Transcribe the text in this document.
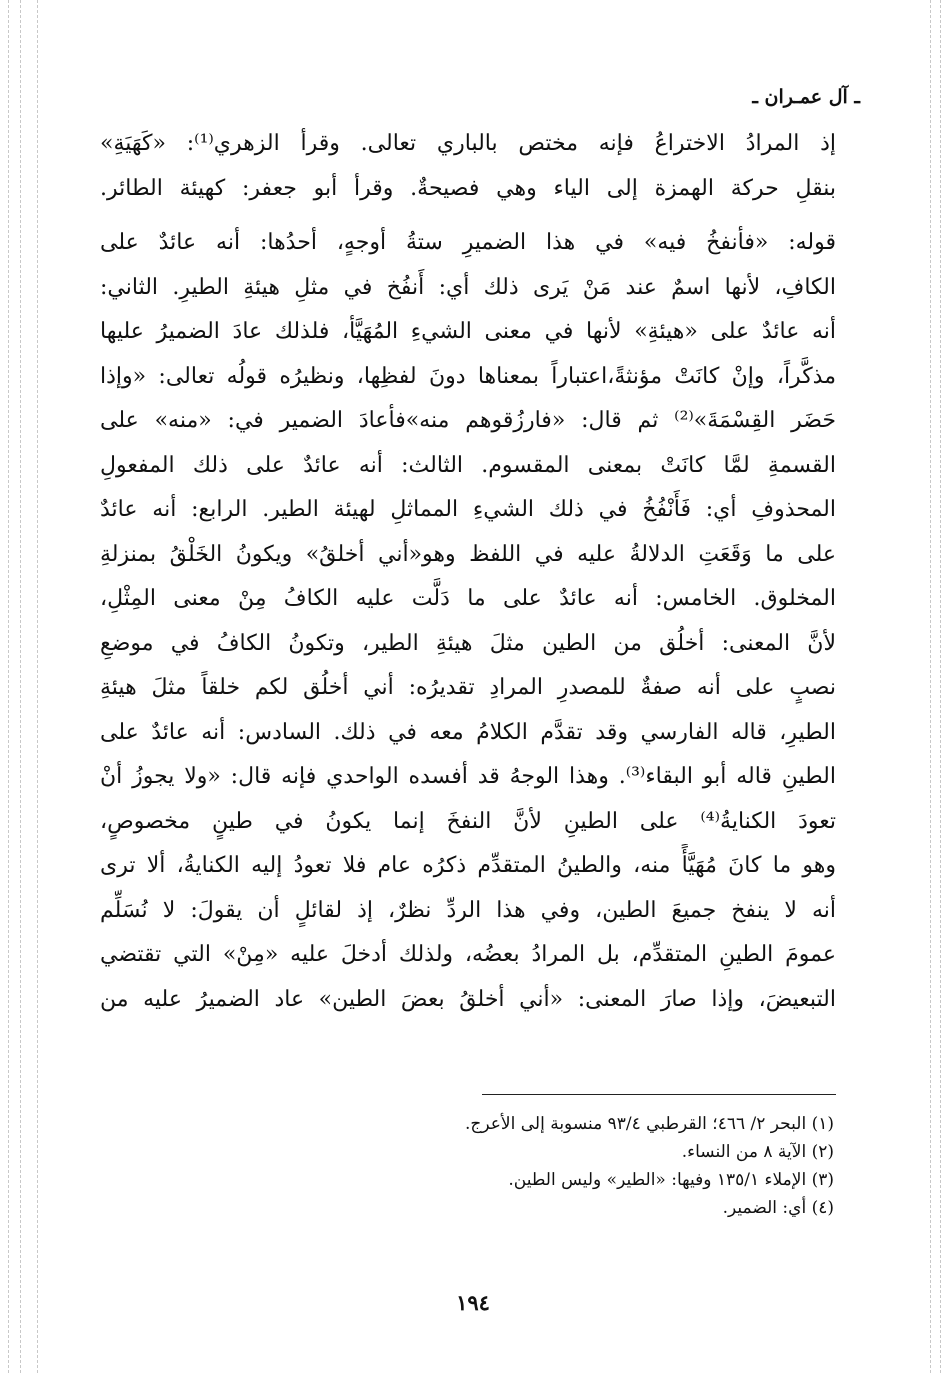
ـ آل عمـران ـ
إذ المرادُ الاختراعُ فإنه مختص بالباري تعالى. وقرأ الزهري⁽¹⁾: «كَهَيَةِ»
بنقلِ حركة الهمزة إلى الياء وهي فصيحةٌ. وقرأ أبو جعفر: كهيئة الطائر.
قوله: «فأنفخُ فيه» في هذا الضميرِ ستةُ أوجهٍ، أحدُها: أنه عائدٌ على
الكافِ، لأنها اسمٌ عند مَنْ يَرى ذلك أي: أَنفُخ في مثلِ هيئةِ الطيرِ. الثاني:
أنه عائدٌ على «هيئةِ» لأنها في معنى الشيءِ المُهَيَّأ، فلذلك عادَ الضميرُ عليها
مذكَّراً، وإنْ كانَتْ مؤنثةً،اعتباراً بمعناها دونَ لفظِها، ونظيرُه قولُه تعالى: «وإذا
حَضَر القِسْمَةَ»⁽²⁾ ثم قال: «فارزُقوهم منه»فأعادَ الضمير في: «منه» على
القسمةِ لمَّا كانَتْ بمعنى المقسوم. الثالث: أنه عائدٌ على ذلك المفعولِ
المحذوفِ أي: فَأَنْفُخُ في ذلك الشيءِ المماثلِ لهيئة الطير. الرابع: أنه عائدٌ
على ما وَقَعَتِ الدلالةُ عليه في اللفظ وهو«أني أخلقُ» ويكونُ الخَلْقُ بمنزلةِ
المخلوق. الخامس: أنه عائدٌ على ما دَلَّت عليه الكافُ مِنْ معنى المِثْلِ،
لأنَّ المعنى: أخلُق من الطين مثلَ هيئةِ الطير، وتكونُ الكافُ في موضعِ
نصبٍ على أنه صفةٌ للمصدرِ المرادِ تقديرُه: أني أخلُق لكم خلقاً مثلَ هيئةِ
الطيرِ، قاله الفارسي وقد تقدَّم الكلامُ معه في ذلك. السادس: أنه عائدٌ على
الطينِ قاله أبو البقاء⁽³⁾. وهذا الوجهُ قد أفسده الواحدي فإنه قال: «ولا يجوزُ أنْ
تعودَ الكنايةُ⁽⁴⁾ على الطينِ لأنَّ النفخَ إنما يكونُ في طينٍ مخصوصٍ،
وهو ما كانَ مُهَيَّأً منه، والطينُ المتقدِّم ذكرُه عام فلا تعودُ إليه الكنايةُ، ألا ترى
أنه لا ينفخ جميعَ الطين، وفي هذا الردِّ نظرٌ، إذ لقائلٍ أن يقولَ: لا نُسَلِّم
عمومَ الطينِ المتقدِّم، بل المرادُ بعضُه، ولذلك أدخلَ عليه «مِنْ» التي تقتضي
التبعيضَ، وإذا صارَ المعنى: «أني أخلقُ بعضَ الطين» عاد الضميرُ عليه من
(١) البحر ٢/ ٤٦٦؛ القرطبي ٩٣/٤ منسوبة إلى الأعرج.
(٢) الآية ٨ من النساء.
(٣) الإملاء ١٣٥/١ وفيها: «الطير» وليس الطين.
(٤) أي: الضمير.
١٩٤
